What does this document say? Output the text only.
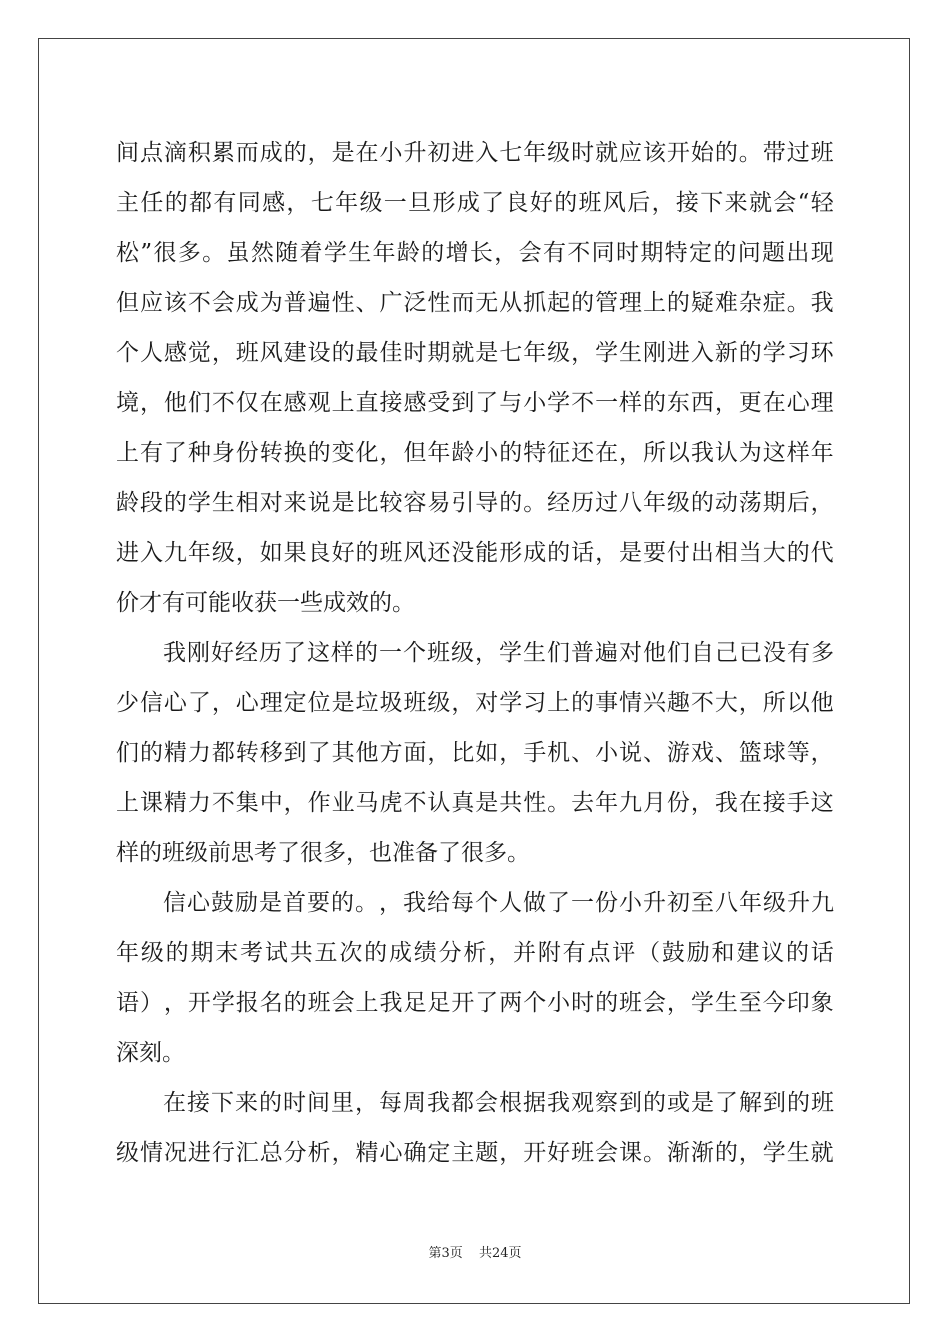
间 点 滴 积 累 而 成 的 ， 是 在 小 升 初 进 入 七 年 级 时 就 应 该 开 始 的 。 带 过 班
主 任 的 都 有 同 感 ， 七 年 级 一 旦 形 成 了 良 好 的 班 风 后 ， 接 下 来 就 会 “ 轻
松 ” 很 多 。 虽 然 随 着 学 生 年 龄 的 增 长 ， 会 有 不 同 时 期 特 定 的 问 题 出 现
但 应 该 不 会 成 为 普 遍 性 、 广 泛 性 而 无 从 抓 起 的 管 理 上 的 疑 难 杂 症 。 我
个 人 感 觉 ， 班 风 建 设 的 最 佳 时 期 就 是 七 年 级 ， 学 生 刚 进 入 新 的 学 习 环
境 ， 他 们 不 仅 在 感 观 上 直 接 感 受 到 了 与 小 学 不 一 样 的 东 西 ， 更 在 心 理
上 有 了 种 身 份 转 换 的 变 化 ， 但 年 龄 小 的 特 征 还 在 ， 所 以 我 认 为 这 样 年
龄 段 的 学 生 相 对 来 说 是 比 较 容 易 引 导 的 。 经 历 过 八 年 级 的 动 荡 期 后 ，
进 入 九 年 级 ， 如 果 良 好 的 班 风 还 没 能 形 成 的 话 ， 是 要 付 出 相 当 大 的 代
价才有可能收获一些成效的。
我 刚 好 经 历 了 这 样 的 一 个 班 级 ， 学 生 们 普 遍 对 他 们 自 己 已 没 有 多
少 信 心 了 ， 心 理 定 位 是 垃 圾 班 级 ， 对 学 习 上 的 事 情 兴 趣 不 大 ， 所 以 他
们 的 精 力 都 转 移 到 了 其 他 方 面 ， 比 如 ， 手 机 、 小 说 、 游 戏 、 篮 球 等 ，
上 课 精 力 不 集 中 ， 作 业 马 虎 不 认 真 是 共 性 。 去 年 九 月 份 ， 我 在 接 手 这
样的班级前思考了很多，也准备了很多。
信 心 鼓 励 是 首 要 的 。 ， 我 给 每 个 人 做 了 一 份 小 升 初 至 八 年 级 升 九
年 级 的 期 末 考 试 共 五 次 的 成 绩 分 析 ， 并 附 有 点 评 （ 鼓 励 和 建 议 的 话
语 ） ， 开 学 报 名 的 班 会 上 我 足 足 开 了 两 个 小 时 的 班 会 ， 学 生 至 今 印 象
深刻。
在 接 下 来 的 时 间 里 ， 每 周 我 都 会 根 据 我 观 察 到 的 或 是 了 解 到 的 班
级 情 况 进 行 汇 总 分 析 ， 精 心 确 定 主 题 ， 开 好 班 会 课 。 渐 渐 的 ， 学 生 就
第3页 共24页
